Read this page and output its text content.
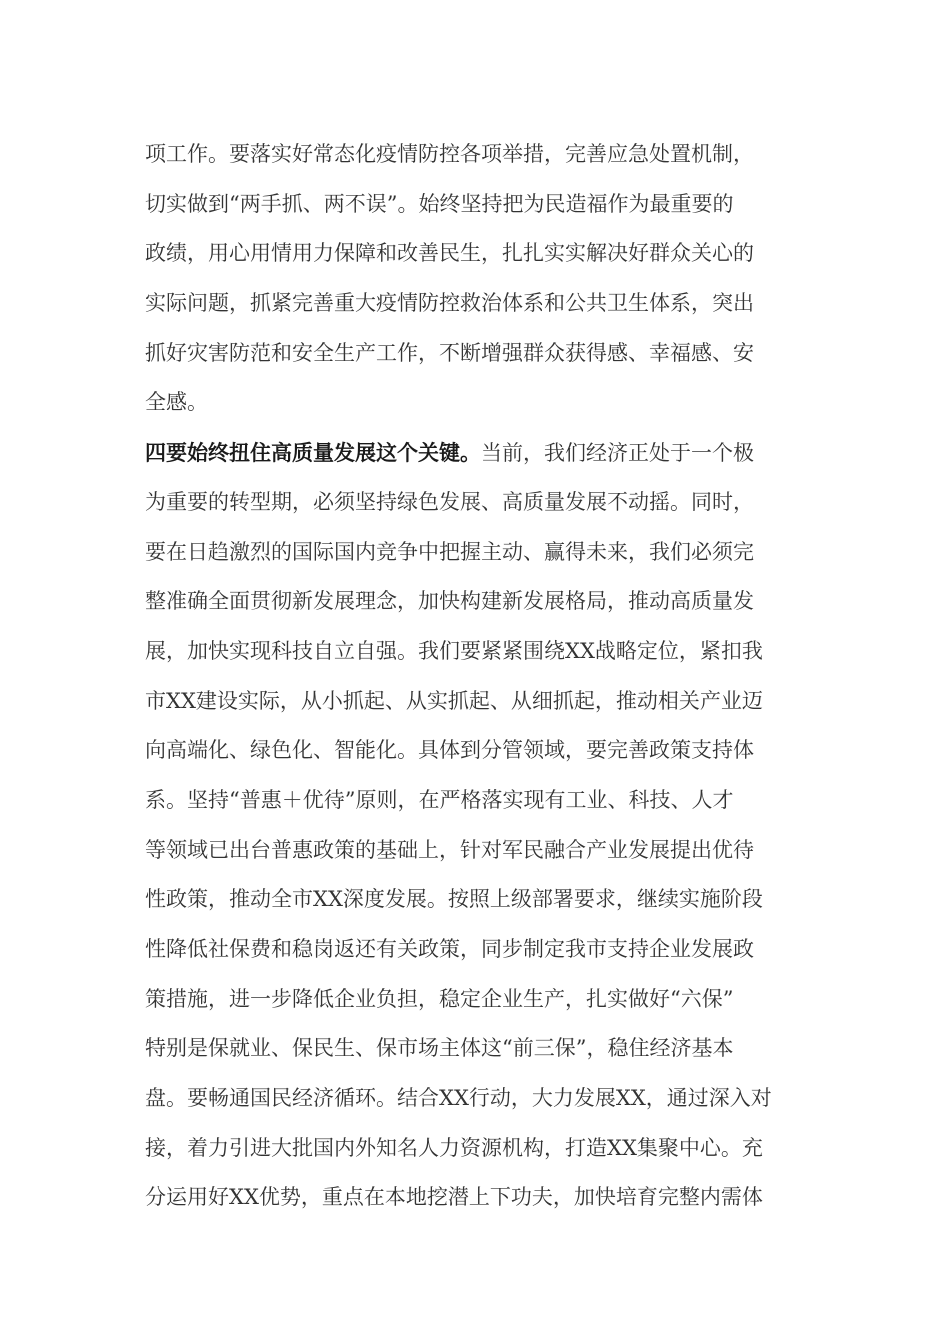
项工作。要落实好常态化疫情防控各项举措，完善应急处置机制，
切实做到“两手抓、两不误”。始终坚持把为民造福作为最重要的
政绩，用心用情用力保障和改善民生，扎扎实实解决好群众关心的
实际问题，抓紧完善重大疫情防控救治体系和公共卫生体系，突出
抓好灾害防范和安全生产工作，不断增强群众获得感、幸福感、安
全感。
四要始终扭住高质量发展这个关键。当前，我们经济正处于一个极
为重要的转型期，必须坚持绿色发展、高质量发展不动摇。同时，
要在日趋激烈的国际国内竞争中把握主动、赢得未来，我们必须完
整准确全面贯彻新发展理念，加快构建新发展格局，推动高质量发
展，加快实现科技自立自强。我们要紧紧围绕XX战略定位，紧扣我
市XX建设实际，从小抓起、从实抓起、从细抓起，推动相关产业迈
向高端化、绿色化、智能化。具体到分管领域，要完善政策支持体
系。坚持“普惠＋优待”原则，在严格落实现有工业、科技、人才
等领域已出台普惠政策的基础上，针对军民融合产业发展提出优待
性政策，推动全市XX深度发展。按照上级部署要求，继续实施阶段
性降低社保费和稳岗返还有关政策，同步制定我市支持企业发展政
策措施，进一步降低企业负担，稳定企业生产，扎实做好“六保”
特别是保就业、保民生、保市场主体这“前三保”，稳住经济基本
盘。要畅通国民经济循环。结合XX行动，大力发展XX，通过深入对
接，着力引进大批国内外知名人力资源机构，打造XX集聚中心。充
分运用好XX优势，重点在本地挖潜上下功夫，加快培育完整内需体
